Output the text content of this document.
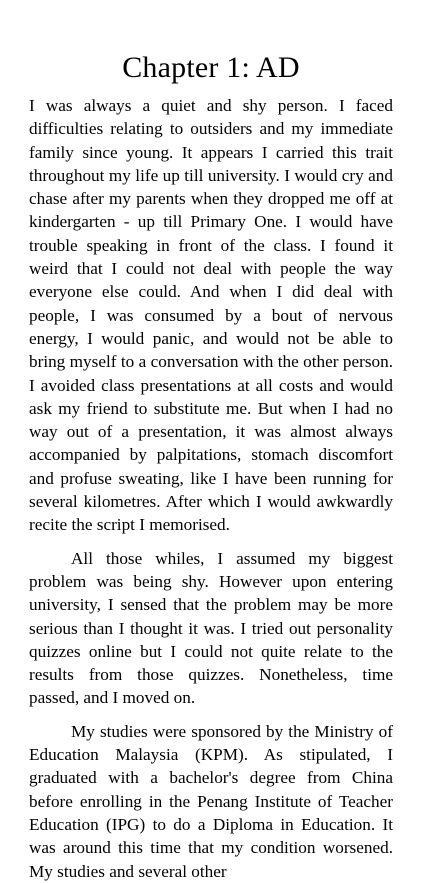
Chapter 1: AD

I was always a quiet and shy person. I faced difficulties relating to outsiders and my immediate family since young. It appears I carried this trait throughout my life up till university. I would cry and chase after my parents when they dropped me off at kindergarten - up till Primary One. I would have trouble speaking in front of the class. I found it weird that I could not deal with people the way everyone else could. And when I did deal with people, I was consumed by a bout of nervous energy, I would panic, and would not be able to bring myself to a conversation with the other person. I avoided class presentations at all costs and would ask my friend to substitute me. But when I had no way out of a presentation, it was almost always accompanied by palpitations, stomach discomfort and profuse sweating, like I have been running for several kilometres. After which I would awkwardly recite the script I memorised.

All those whiles, I assumed my biggest problem was being shy. However upon entering university, I sensed that the problem may be more serious than I thought it was. I tried out personality quizzes online but I could not quite relate to the results from those quizzes. Nonetheless, time passed, and I moved on.

My studies were sponsored by the Ministry of Education Malaysia (KPM). As stipulated, I graduated with a bachelor's degree from China before enrolling in the Penang Institute of Teacher Education (IPG) to do a Diploma in Education. It was around this time that my condition worsened. My studies and several other
